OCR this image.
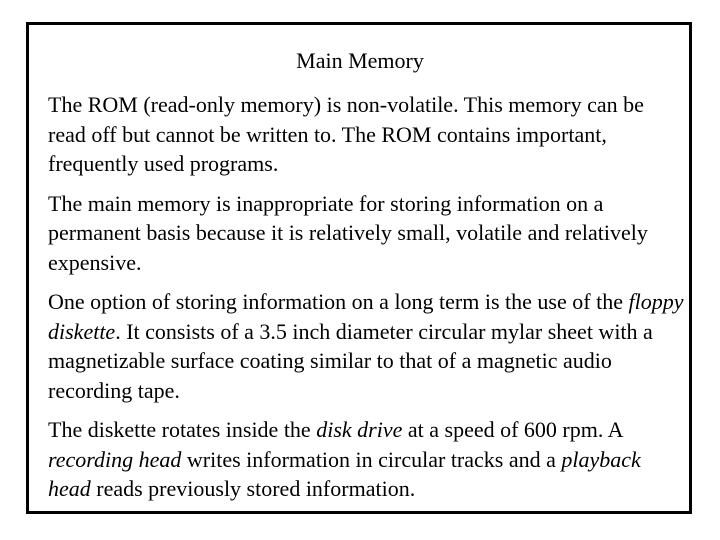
Main Memory

The ROM (read-only memory) is non-volatile. This memory can be read off but cannot be written to. The ROM contains important, frequently used programs.

The main memory is inappropriate for storing information on a permanent basis because it is relatively small, volatile and relatively expensive.

One option of storing information on a long term is the use of the floppy diskette. It consists of a 3.5 inch diameter circular mylar sheet with a magnetizable surface coating similar to that of a magnetic audio recording tape.

The diskette rotates inside the disk drive at a speed of 600 rpm. A recording head writes information in circular tracks and a playback head reads previously stored information.
